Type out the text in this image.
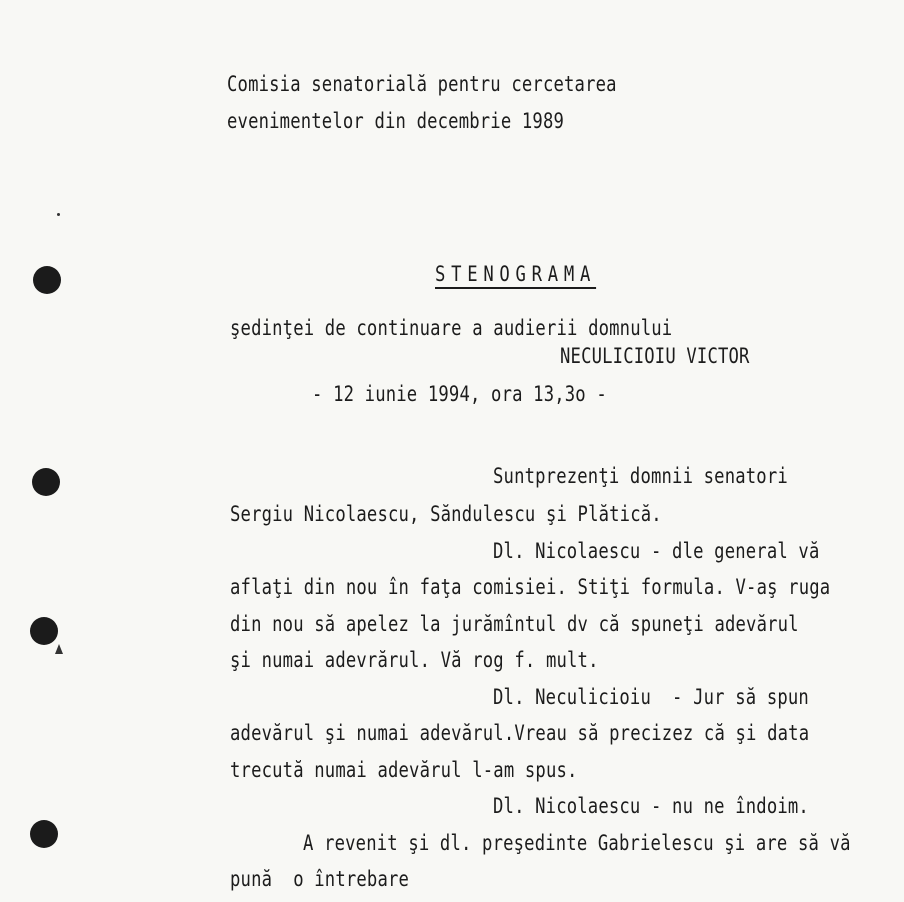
Comisia senatorială pentru cercetarea
evenimentelor din decembrie 1989
STENOGRAMA
şedinţei de continuare a audierii domnului
NECULICIOIU VICTOR
- 12 iunie 1994, ora 13,3o -
Suntprezenţi domnii senatori
Sergiu Nicolaescu, Săndulescu şi Plătică.
Dl. Nicolaescu - dle general vă
aflaţi din nou în faţa comisiei. Stiţi formula. V-aş ruga
din nou să apelez la jurămîntul dv că spuneţi adevărul
şi numai adevrărul. Vă rog f. mult.
Dl. Neculicioiu  - Jur să spun
adevărul şi numai adevărul.Vreau să precizez că şi data
trecută numai adevărul l-am spus.
Dl. Nicolaescu - nu ne îndoim.
A revenit şi dl. preşedinte Gabrielescu şi are să vă
pună  o întrebare
